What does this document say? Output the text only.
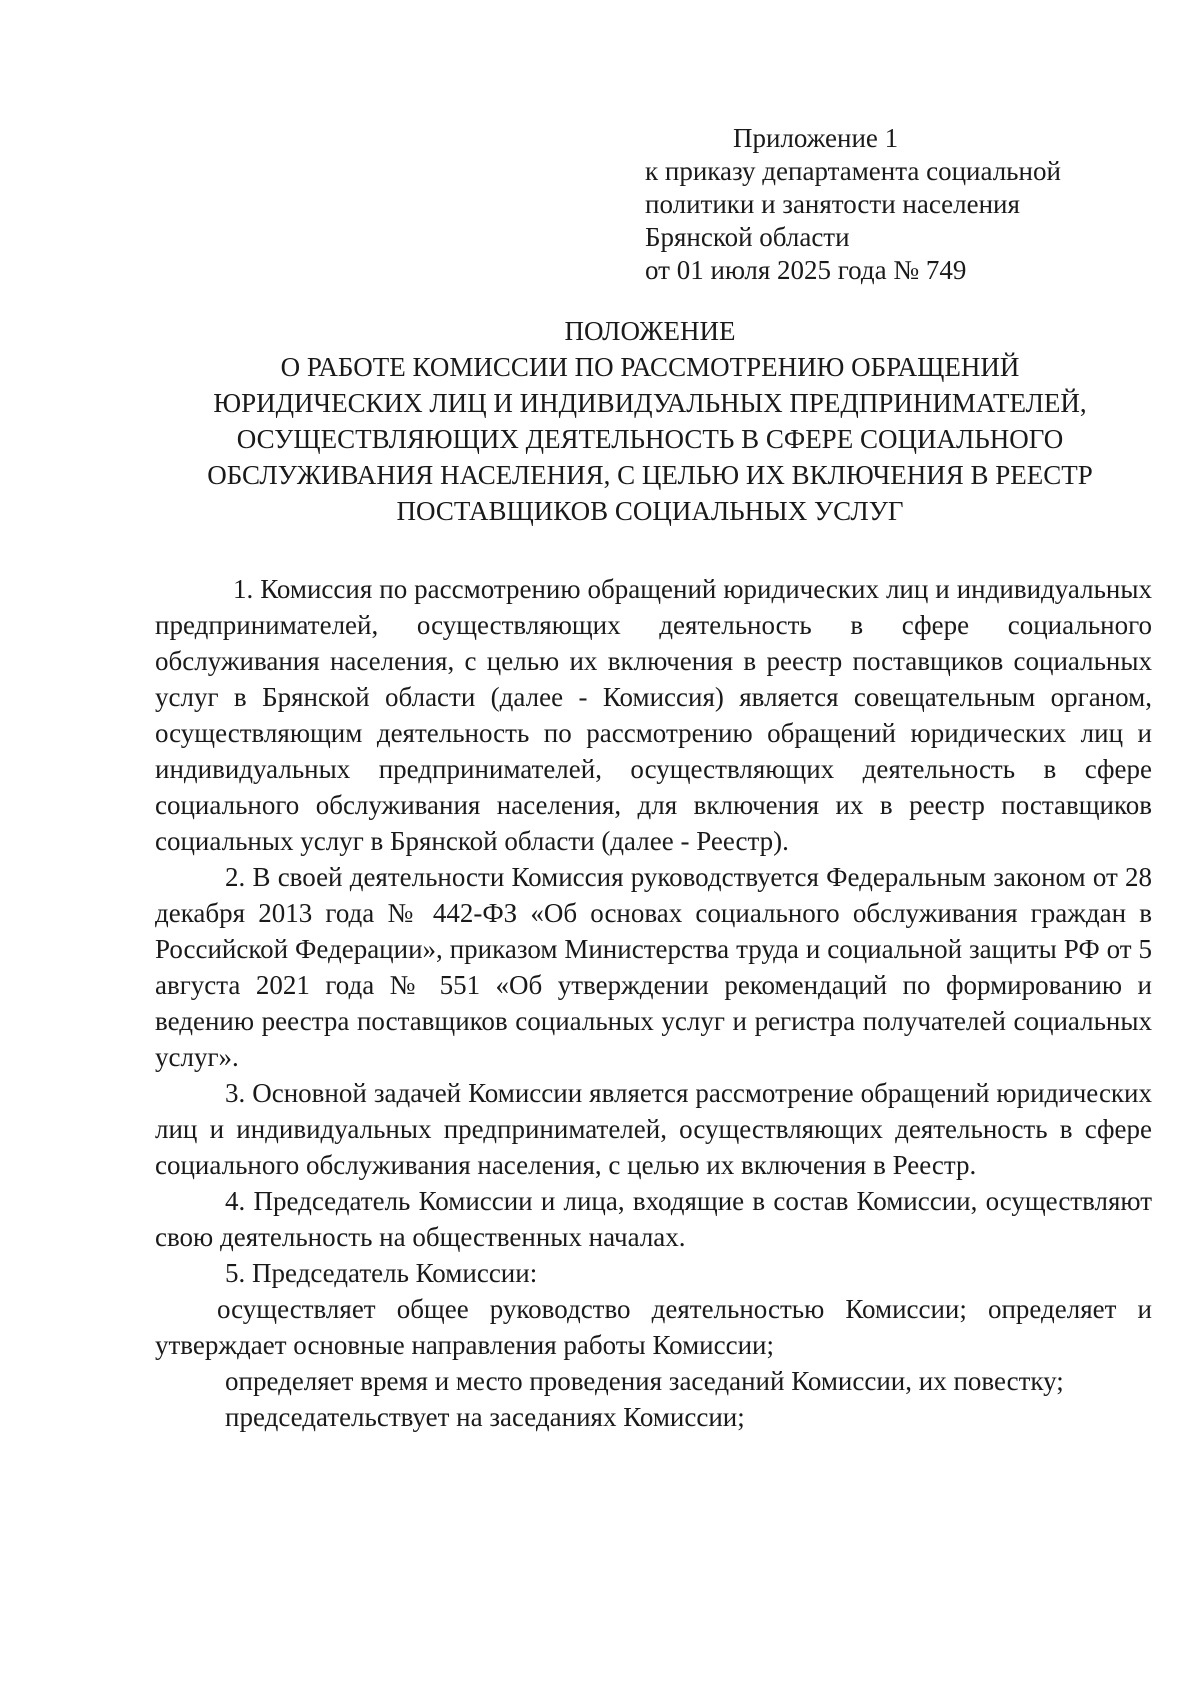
Приложение 1
к приказу департамента социальной
политики и занятости населения
Брянской области
от 01 июля 2025 года № 749
ПОЛОЖЕНИЕ
О РАБОТЕ КОМИССИИ ПО РАССМОТРЕНИЮ ОБРАЩЕНИЙ
ЮРИДИЧЕСКИХ ЛИЦ И ИНДИВИДУАЛЬНЫХ ПРЕДПРИНИМАТЕЛЕЙ,
ОСУЩЕСТВЛЯЮЩИХ ДЕЯТЕЛЬНОСТЬ В СФЕРЕ СОЦИАЛЬНОГО
ОБСЛУЖИВАНИЯ НАСЕЛЕНИЯ, С ЦЕЛЬЮ ИХ ВКЛЮЧЕНИЯ В РЕЕСТР
ПОСТАВЩИКОВ СОЦИАЛЬНЫХ УСЛУГ

1. Комиссия по рассмотрению обращений юридических лиц и индивидуальных предпринимателей, осуществляющих деятельность в сфере социального обслуживания населения, с целью их включения в реестр поставщиков социальных услуг в Брянской области (далее - Комиссия) является совещательным органом, осуществляющим деятельность по рассмотрению обращений юридических лиц и индивидуальных предпринимателей, осуществляющих деятельность в сфере социального обслуживания населения, для включения их в реестр поставщиков социальных услуг в Брянской области (далее - Реестр).

2. В своей деятельности Комиссия руководствуется Федеральным законом от 28 декабря 2013 года № 442-ФЗ «Об основах социального обслуживания граждан в Российской Федерации», приказом Министерства труда и социальной защиты РФ от 5 августа 2021 года № 551 «Об утверждении рекомендаций по формированию и ведению реестра поставщиков социальных услуг и регистра получателей социальных услуг».

3. Основной задачей Комиссии является рассмотрение обращений юридических лиц и индивидуальных предпринимателей, осуществляющих деятельность в сфере социального обслуживания населения, с целью их включения в Реестр.

4. Председатель Комиссии и лица, входящие в состав Комиссии, осуществляют свою деятельность на общественных началах.

5. Председатель Комиссии:

осуществляет общее руководство деятельностью Комиссии; определяет и утверждает основные направления работы Комиссии;

определяет время и место проведения заседаний Комиссии, их повестку;

председательствует на заседаниях Комиссии;
